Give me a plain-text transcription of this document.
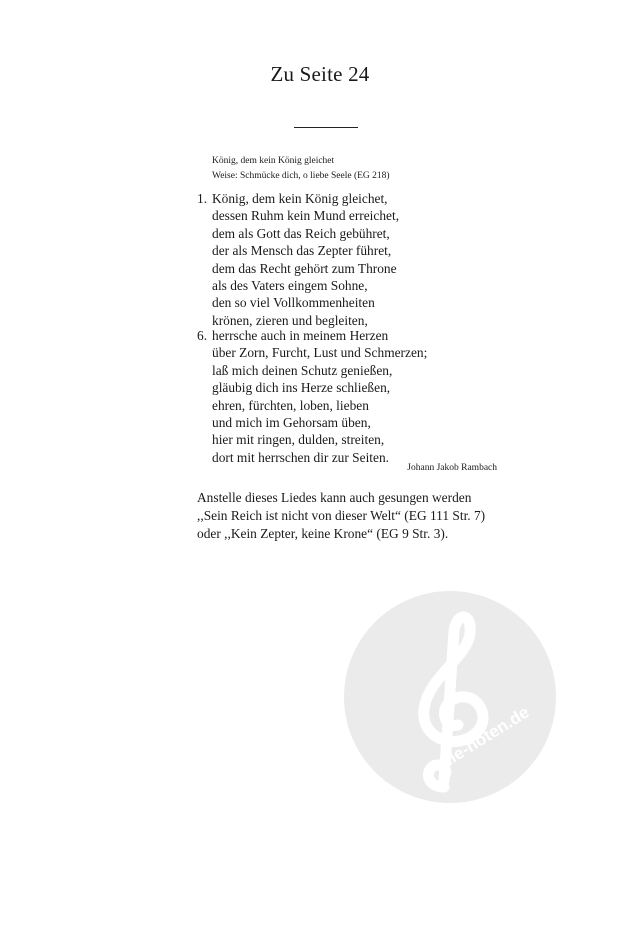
Zu Seite 24
König, dem kein König gleichet
Weise: Schmücke dich, o liebe Seele (EG 218)
1. König, dem kein König gleichet,
dessen Ruhm kein Mund erreichet,
dem als Gott das Reich gebühret,
der als Mensch das Zepter führet,
dem das Recht gehört zum Throne
als des Vaters eingem Sohne,
den so viel Vollkommenheiten
krönen, zieren und begleiten,
6. herrsche auch in meinem Herzen
über Zorn, Furcht, Lust und Schmerzen;
laß mich deinen Schutz genießen,
gläubig dich ins Herze schließen,
ehren, fürchten, loben, lieben
und mich im Gehorsam üben,
hier mit ringen, dulden, streiten,
dort mit herrschen dir zur Seiten.
Johann Jakob Rambach
Anstelle dieses Liedes kann auch gesungen werden
,,Sein Reich ist nicht von dieser Welt“ (EG 111 Str. 7)
oder ,,Kein Zepter, keine Krone“ (EG 9 Str. 3).
alle-noten.de
